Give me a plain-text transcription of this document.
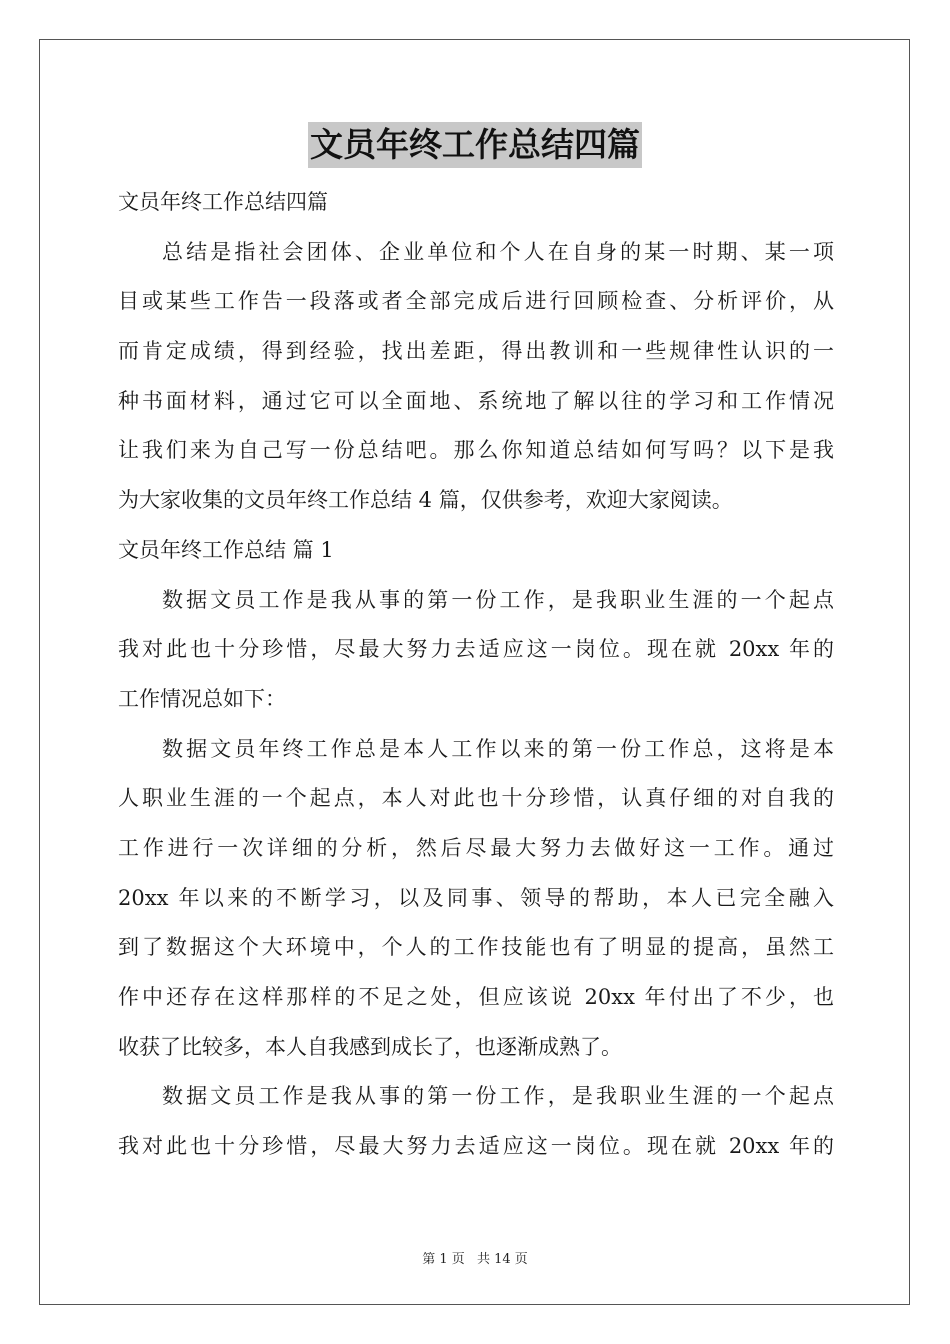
文员年终工作总结四篇
文员年终工作总结四篇
总结是指社会团体、企业单位和个人在自身的某一时期、某一项
目或某些工作告一段落或者全部完成后进行回顾检查、分析评价，从
而肯定成绩，得到经验，找出差距，得出教训和一些规律性认识的一
种书面材料，通过它可以全面地、系统地了解以往的学习和工作情况
让我们来为自己写一份总结吧。那么你知道总结如何写吗？以下是我
为大家收集的文员年终工作总结 4 篇，仅供参考，欢迎大家阅读。
文员年终工作总结 篇 1
数据文员工作是我从事的第一份工作，是我职业生涯的一个起点
我对此也十分珍惜，尽最大努力去适应这一岗位。现在就 20xx 年的
工作情况总如下：
数据文员年终工作总是本人工作以来的第一份工作总，这将是本
人职业生涯的一个起点，本人对此也十分珍惜，认真仔细的对自我的
工作进行一次详细的分析，然后尽最大努力去做好这一工作。通过
20xx 年以来的不断学习，以及同事、领导的帮助，本人已完全融入
到了数据这个大环境中，个人的工作技能也有了明显的提高，虽然工
作中还存在这样那样的不足之处，但应该说 20xx 年付出了不少，也
收获了比较多，本人自我感到成长了，也逐渐成熟了。
数据文员工作是我从事的第一份工作，是我职业生涯的一个起点
我对此也十分珍惜，尽最大努力去适应这一岗位。现在就 20xx 年的
第 1 页 共 14 页
